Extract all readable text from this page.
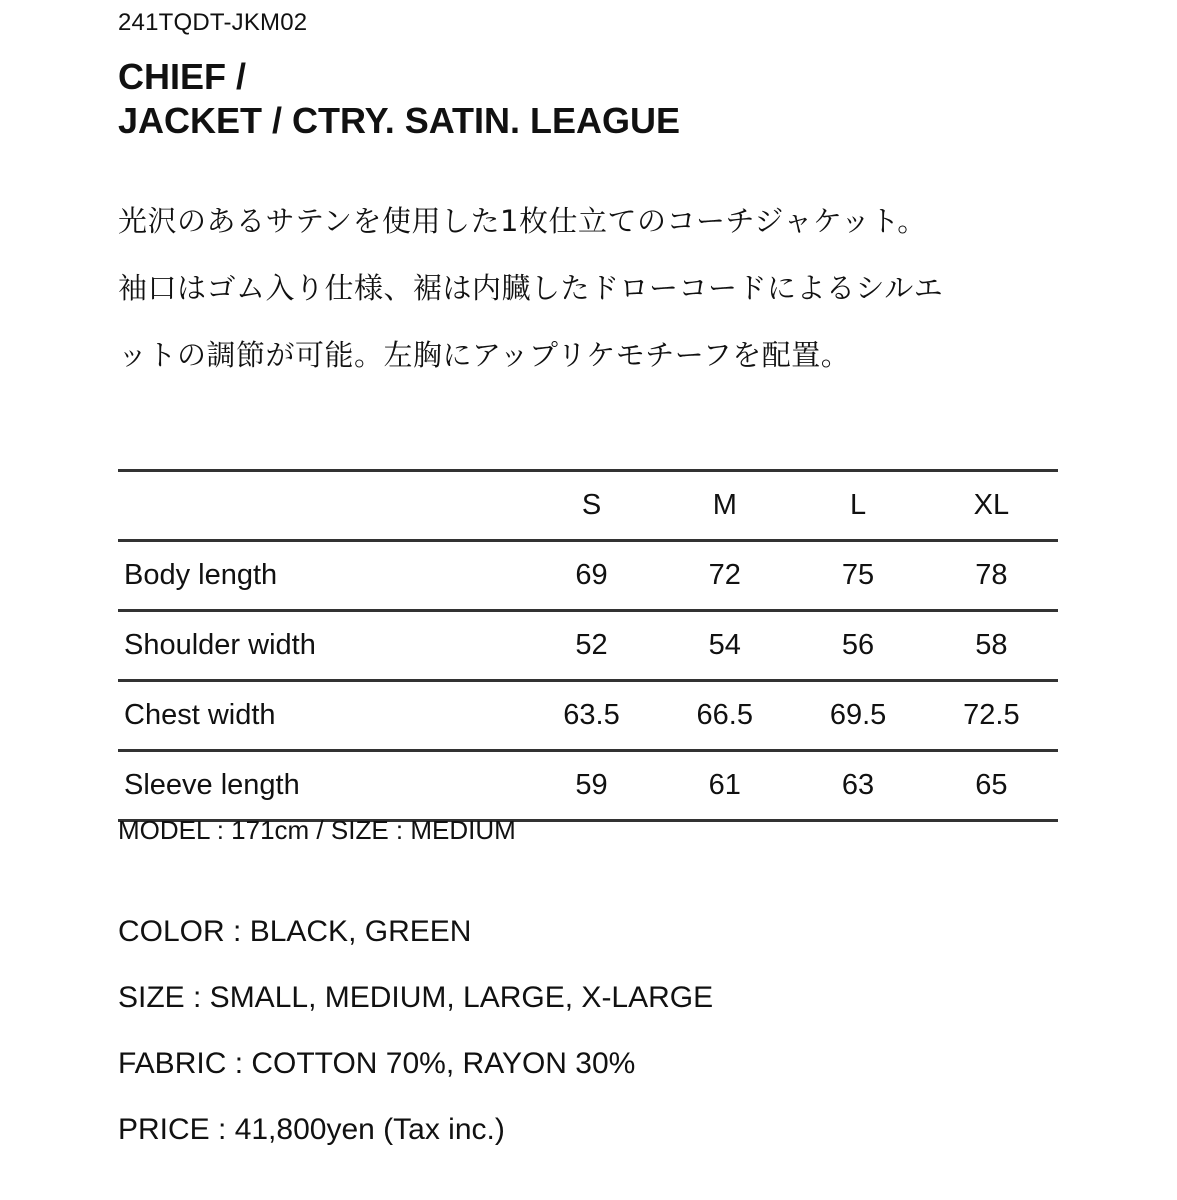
241TQDT-JKM02
CHIEF /
JACKET / CTRY. SATIN. LEAGUE
光沢のあるサテンを使用した1枚仕立てのコーチジャケット。
袖口はゴム入り仕様、裾は内臓したドローコードによるシルエ
ットの調節が可能。左胸にアップリケモチーフを配置。
	S	M	L	XL
Body length	69	72	75	78
Shoulder width	52	54	56	58
Chest width	63.5	66.5	69.5	72.5
Sleeve length	59	61	63	65
MODEL : 171cm / SIZE : MEDIUM
COLOR : BLACK, GREEN
SIZE : SMALL, MEDIUM, LARGE, X-LARGE
FABRIC : COTTON 70%, RAYON 30%
PRICE : 41,800yen (Tax inc.)
